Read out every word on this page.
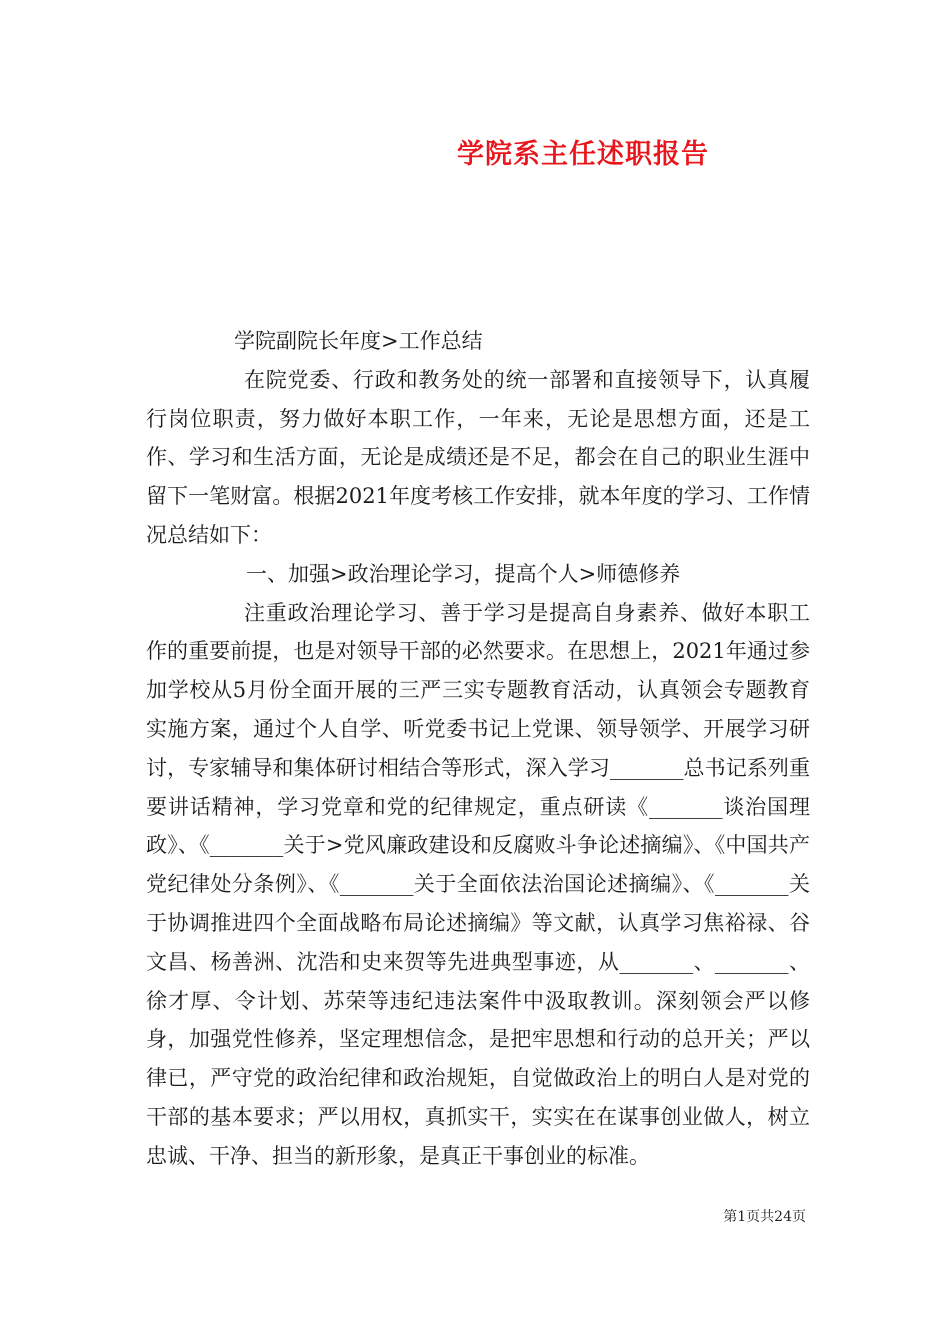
学院系主任述职报告

学院副院长年度>工作总结

在院党委、行政和教务处的统一部署和直接领导下，认真履行岗位职责，努力做好本职工作，一年来，无论是思想方面，还是工作、学习和生活方面，无论是成绩还是不足，都会在自己的职业生涯中留下一笔财富。根据2021年度考核工作安排，就本年度的学习、工作情况总结如下：

一、加强>政治理论学习，提高个人>师德修养

注重政治理论学习、善于学习是提高自身素养、做好本职工作的重要前提，也是对领导干部的必然要求。在思想上，2021年通过参加学校从5月份全面开展的三严三实专题教育活动，认真领会专题教育实施方案，通过个人自学、听党委书记上党课、领导领学、开展学习研讨，专家辅导和集体研讨相结合等形式，深入学习_______总书记系列重要讲话精神，学习党章和党的纪律规定，重点研读《_______谈治国理政》、《_______关于>党风廉政建设和反腐败斗争论述摘编》、《中国共产党纪律处分条例》、《_______关于全面依法治国论述摘编》、《_______关于协调推进四个全面战略布局论述摘编》等文献，认真学习焦裕禄、谷文昌、杨善洲、沈浩和史来贺等先进典型事迹，从_______、_______、徐才厚、令计划、苏荣等违纪违法案件中汲取教训。深刻领会严以修身，加强党性修养，坚定理想信念，是把牢思想和行动的总开关；严以律已，严守党的政治纪律和政治规矩，自觉做政治上的明白人是对党的干部的基本要求；严以用权，真抓实干，实实在在谋事创业做人，树立忠诚、干净、担当的新形象，是真正干事创业的标准。

第1页共24页
